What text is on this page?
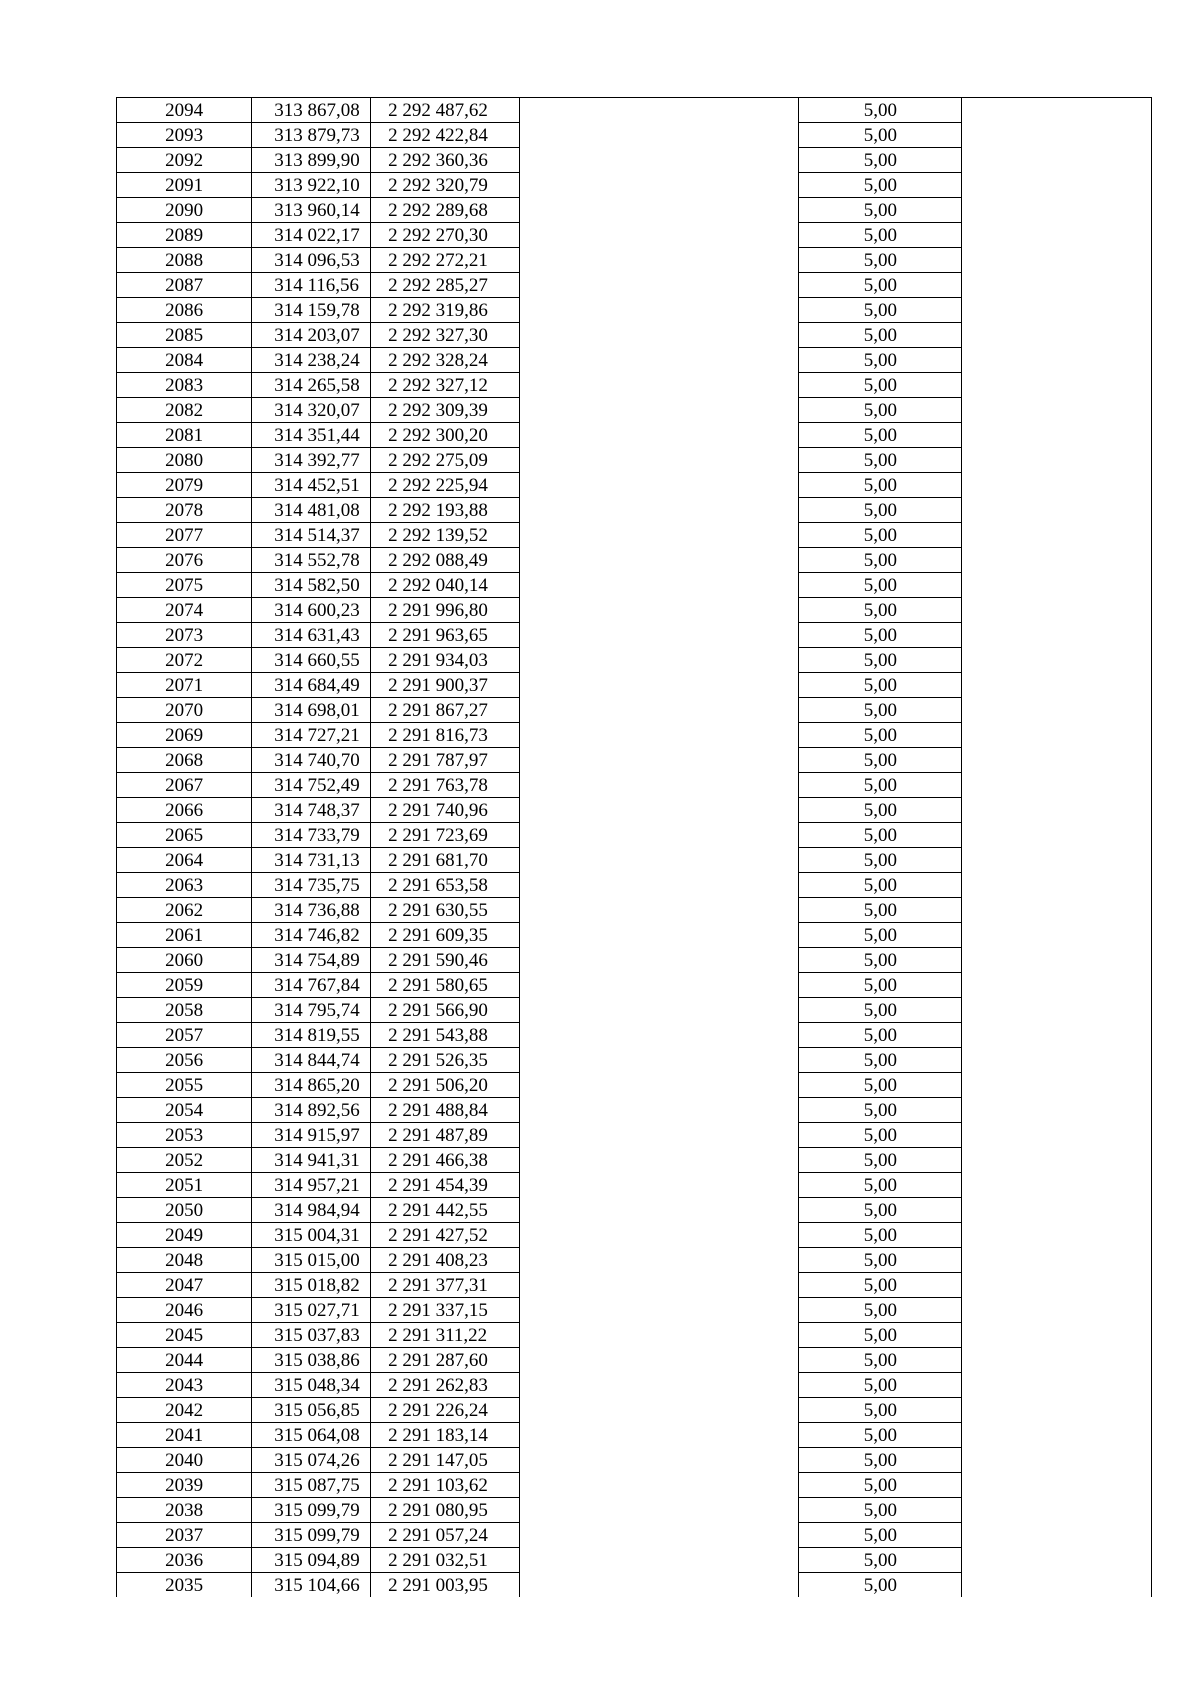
2094	313 867,08	2 292 487,62		5,00	
2093	313 879,73	2 292 422,84		5,00	
2092	313 899,90	2 292 360,36		5,00	
2091	313 922,10	2 292 320,79		5,00	
2090	313 960,14	2 292 289,68		5,00	
2089	314 022,17	2 292 270,30		5,00	
2088	314 096,53	2 292 272,21		5,00	
2087	314 116,56	2 292 285,27		5,00	
2086	314 159,78	2 292 319,86		5,00	
2085	314 203,07	2 292 327,30		5,00	
2084	314 238,24	2 292 328,24		5,00	
2083	314 265,58	2 292 327,12		5,00	
2082	314 320,07	2 292 309,39		5,00	
2081	314 351,44	2 292 300,20		5,00	
2080	314 392,77	2 292 275,09		5,00	
2079	314 452,51	2 292 225,94		5,00	
2078	314 481,08	2 292 193,88		5,00	
2077	314 514,37	2 292 139,52		5,00	
2076	314 552,78	2 292 088,49		5,00	
2075	314 582,50	2 292 040,14		5,00	
2074	314 600,23	2 291 996,80		5,00	
2073	314 631,43	2 291 963,65		5,00	
2072	314 660,55	2 291 934,03		5,00	
2071	314 684,49	2 291 900,37		5,00	
2070	314 698,01	2 291 867,27		5,00	
2069	314 727,21	2 291 816,73		5,00	
2068	314 740,70	2 291 787,97		5,00	
2067	314 752,49	2 291 763,78		5,00	
2066	314 748,37	2 291 740,96		5,00	
2065	314 733,79	2 291 723,69		5,00	
2064	314 731,13	2 291 681,70		5,00	
2063	314 735,75	2 291 653,58		5,00	
2062	314 736,88	2 291 630,55		5,00	
2061	314 746,82	2 291 609,35		5,00	
2060	314 754,89	2 291 590,46		5,00	
2059	314 767,84	2 291 580,65		5,00	
2058	314 795,74	2 291 566,90		5,00	
2057	314 819,55	2 291 543,88		5,00	
2056	314 844,74	2 291 526,35		5,00	
2055	314 865,20	2 291 506,20		5,00	
2054	314 892,56	2 291 488,84		5,00	
2053	314 915,97	2 291 487,89		5,00	
2052	314 941,31	2 291 466,38		5,00	
2051	314 957,21	2 291 454,39		5,00	
2050	314 984,94	2 291 442,55		5,00	
2049	315 004,31	2 291 427,52		5,00	
2048	315 015,00	2 291 408,23		5,00	
2047	315 018,82	2 291 377,31		5,00	
2046	315 027,71	2 291 337,15		5,00	
2045	315 037,83	2 291 311,22		5,00	
2044	315 038,86	2 291 287,60		5,00	
2043	315 048,34	2 291 262,83		5,00	
2042	315 056,85	2 291 226,24		5,00	
2041	315 064,08	2 291 183,14		5,00	
2040	315 074,26	2 291 147,05		5,00	
2039	315 087,75	2 291 103,62		5,00	
2038	315 099,79	2 291 080,95		5,00	
2037	315 099,79	2 291 057,24		5,00	
2036	315 094,89	2 291 032,51		5,00	
2035	315 104,66	2 291 003,95		5,00	
